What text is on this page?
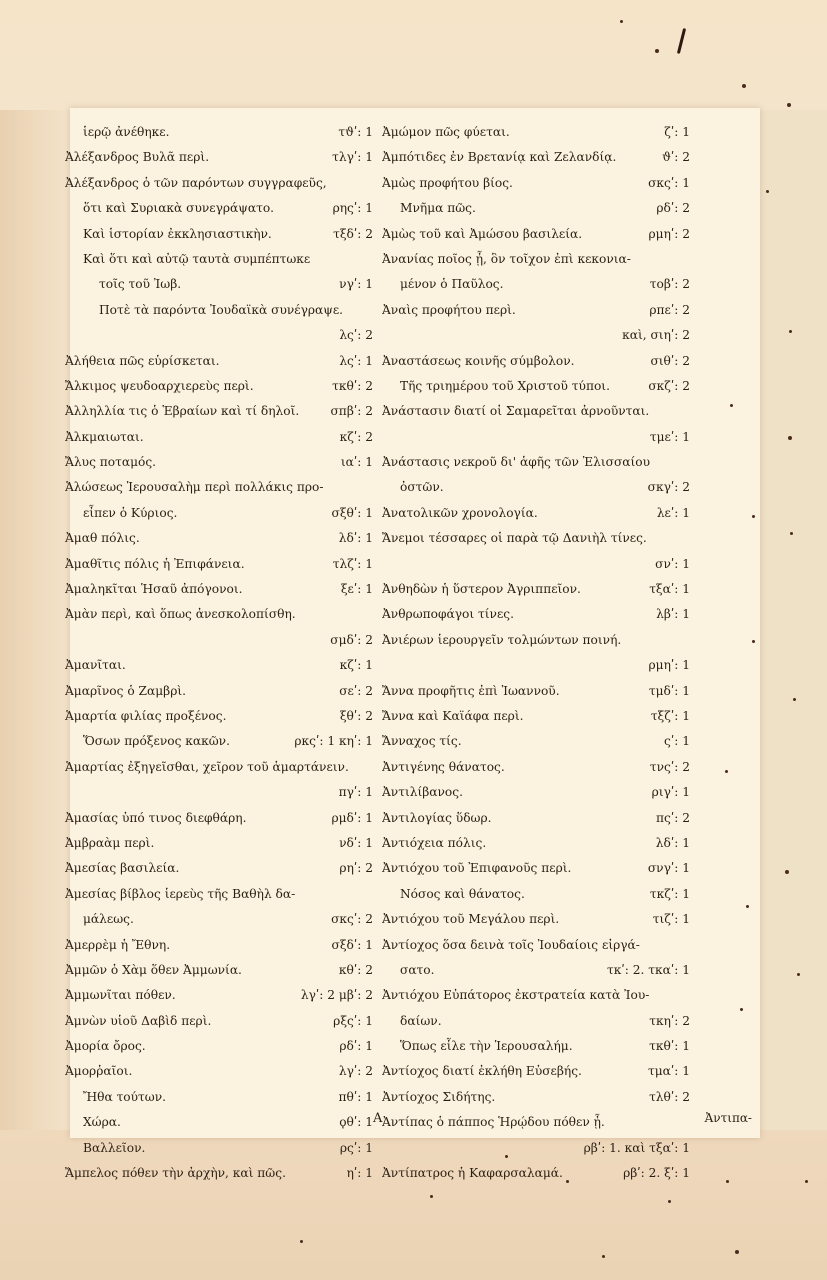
ἱερῷ ἀνέθηκε.	τϑʹ: 1
Ἀλέξανδρος Βυλᾶ περὶ.	τλγʹ: 1
Ἀλέξανδρος ὁ τῶν παρόντων συγγραφεῦς,
ὅτι καὶ Συριακὰ συνεγράψατο.	ρηςʹ: 1
Καὶ ἱστορίαν ἐκκλησιαστικὴν.	τξδʹ: 2
Καὶ ὅτι καὶ αὐτῷ ταυτὰ συμπέπτωκε
τοῖς τοῦ Ἰωβ.	νγʹ: 1
Ποτὲ τὰ παρόντα Ἰουδαϊκὰ συνέγραψε.
λςʹ: 2
Ἀλήθεια πῶς εὑρίσκεται.	λςʹ: 1
Ἄλκιμος ψευδοαρχιερεὺς περὶ.	τκθʹ: 2
Ἀλληλλία τις ὁ Ἑβραίων καὶ τί δηλοῖ.	σπβʹ: 2
Ἀλκμαιωται.	κζʹ: 2
Ἄλυς ποταμός.	ιαʹ: 1
Ἁλώσεως Ἱερουσαλὴμ περὶ πολλάκις προ-
εἶπεν ὁ Κύριος.	σξθʹ: 1
Ἀμαθ πόλις.	λδʹ: 1
Ἀμαθῖτις πόλις ἡ Ἐπιφάνεια.	τλζʹ: 1
Ἀμαληκῖται Ἡσαῦ ἀπόγονοι.	ξεʹ: 1
Ἀμὰν περὶ, καὶ ὅπως ἀνεσκολοπίσθη.
σμδʹ: 2
Ἀμανῖται.	κζʹ: 1
Ἀμαρῖνος ὁ Ζαμβρὶ.	σεʹ: 2
Ἁμαρτία φιλίας προξένος.	ξθʹ: 2
Ὅσων πρόξενος κακῶν.	ρκςʹ: 1 κηʹ: 1
Ἁμαρτίας ἐξηγεῖσθαι, χεῖρον τοῦ ἁμαρτάνειν.
πγʹ: 1
Ἀμασίας ὑπό τινος διεφθάρη.	ρμδʹ: 1
Ἀμβραὰμ περὶ.	νδʹ: 1
Ἀμεσίας βασιλεία.	ρηʹ: 2
Ἀμεσίας βίβλος ἱερεὺς τῆς Βαθὴλ δα-
μάλεως.	σκςʹ: 2
Ἀμερρὲμ ἡ Ἔθνη.	σξδʹ: 1
Ἀμμῶν ὁ Χὰμ ὅθεν Ἀμμωνία.	κθʹ: 2
Ἀμμωνῖται πόθεν.	λγʹ: 2 μβʹ: 2
Ἀμνὼν υἱοῦ Δαβὶδ περὶ.	ρξςʹ: 1
Ἀμορία ὄρος.	ρδʹ: 1
Ἀμορῥαῖοι.	λγʹ: 2
Ἤθα τούτων.	πθʹ: 1
Χώρα.	ϙθʹ: 1
Βαλλεῖον.	ρςʹ: 1
Ἄμπελος πόθεν τὴν ἀρχὴν, καὶ πῶς.	ηʹ: 1
Ἀμώμον πῶς φύεται.	ζʹ: 1
Ἀμπότιδες ἐν Βρετανίᾳ καὶ Ζελανδίᾳ.	ϑʹ: 2
Ἀμὼς προφήτου βίος.	σκςʹ: 1
Μνῆμα πῶς.	ρδʹ: 2
Ἀμὼς τοῦ καὶ Ἀμώσου βασιλεία.	ρμηʹ: 2
Ἀνανίας ποῖος ᾖ, ὃν τοῖχον ἐπὶ κεκονια-
μένον ὁ Παῦλος.	τοβʹ: 2
Ἀναὶς προφήτου περὶ.	ρπεʹ: 2
καὶ, σιηʹ: 2
Ἀναστάσεως κοινῆς σύμβολον.	σιθʹ: 2
Τῆς τριημέρου τοῦ Χριστοῦ τύποι.	σκζʹ: 2
Ἀνάστασιν διατί οἱ Σαμαρεῖται ἀρνοῦνται.
τμεʹ: 1
Ἀνάστασις νεκροῦ δι' ἁφῆς τῶν Ἐλισσαίου
ὀστῶν.	σκγʹ: 2
Ἀνατολικῶν χρονολογία.	λεʹ: 1
Ἄνεμοι τέσσαρες οἱ παρὰ τῷ Δανιὴλ τίνες.
σνʹ: 1
Ἀνθηδὼν ἡ ὕστερον Ἀγριππεῖον.	τξαʹ: 1
Ἀνθρωποφάγοι τίνες.	λβʹ: 1
Ἀνιέρων ἱερουργεῖν τολμώντων ποινή.
ρμηʹ: 1
Ἄννα προφῆτις ἐπὶ Ἰωαννοῦ.	τμδʹ: 1
Ἄννα καὶ Καϊάφα περὶ.	τξζʹ: 1
Ἄνναχος τίς.	ςʹ: 1
Ἀντιγένης θάνατος.	τνςʹ: 2
Ἀντιλίβανος.	ριγʹ: 1
Ἀντιλογίας ὕδωρ.	πςʹ: 2
Ἀντιόχεια πόλις.	λδʹ: 1
Ἀντιόχου τοῦ Ἐπιφανοῦς περὶ.	σνγʹ: 1
Νόσος καὶ θάνατος.	τκζʹ: 1
Ἀντιόχου τοῦ Μεγάλου περὶ.	τιζʹ: 1
Ἀντίοχος ὅσα δεινὰ τοῖς Ἰουδαίοις εἰργά-
σατο.	τκʹ: 2. τκαʹ: 1
Ἀντιόχου Εὐπάτορος ἐκστρατεία κατὰ Ἰου-
δαίων.	τκηʹ: 2
Ὅπως εἷλε τὴν Ἱερουσαλήμ.	τκθʹ: 1
Ἀντίοχος διατί ἐκλήθη Εὐσεβής.	τμαʹ: 1
Ἀντίοχος Σιδήτης.	τλθʹ: 2
Ἀντίπας ὁ πάππος Ἡρῴδου πόθεν ᾖ.
ρβʹ: 1. καὶ τξαʹ: 1
Ἀντίπατρος ἡ Καφαρσαλαμά.	ρβʹ: 2. ξʹ: 1
A	Ἀντιπα-
